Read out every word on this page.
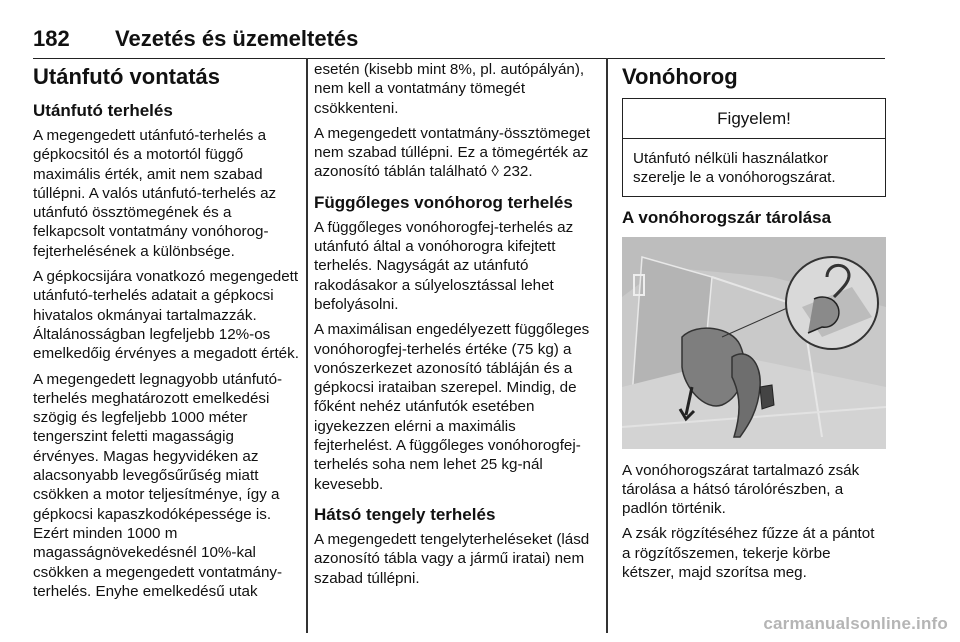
182 Vezetés és üzemeltetés
Utánfutó vontatás
Utánfutó terhelés

A megengedett utánfutó-terhelés a gépkocsitól és a motortól függő maximális érték, amit nem szabad túllépni. A valós utánfutó-terhelés az utánfutó össztömegének és a felkapcsolt vontatmány vonóhorog-fejterhelésének a különbsége.

A gépkocsijára vonatkozó megengedett utánfutó-terhelés adatait a gépkocsi hivatalos okmányai tartalmazzák. Általánosságban legfeljebb 12%-os emelkedőig érvényes a megadott érték.

A megengedett legnagyobb utánfutó-terhelés meghatározott emelkedési szögig és legfeljebb 1000 méter tengerszint feletti magasságig érvényes. Magas hegyvidéken az alacsonyabb levegősűrűség miatt csökken a motor teljesítménye, így a gépkocsi kapaszkodóképessége is. Ezért minden 1000 m magasságnövekedésnél 10%-kal csökken a megengedett vontatmány-terhelés. Enyhe emelkedésű utak

esetén (kisebb mint 8%, pl. autópályán), nem kell a vontatmány tömegét csökkenteni.

A megengedett vontatmány-össztömeget nem szabad túllépni. Ez a tömegérték az azonosító táblán található ◊ 232.

Függőleges vonóhorog terhelés

A függőleges vonóhorogfej-terhelés az utánfutó által a vonóhorogra kifejtett terhelés. Nagyságát az utánfutó rakodásakor a súlyelosztással lehet befolyásolni.

A maximálisan engedélyezett függőleges vonóhorogfej-terhelés értéke (75 kg) a vonószerkezet azonosító tábláján és a gépkocsi irataiban szerepel. Mindig, de főként nehéz utánfutók esetében igyekezzen elérni a maximális fejterhelést. A függőleges vonóhorogfej-terhelés soha nem lehet 25 kg-nál kevesebb.

Hátsó tengely terhelés

A megengedett tengelyterheléseket (lásd azonosító tábla vagy a jármű iratai) nem szabad túllépni.

Vonóhorog
Figyelem!
Utánfutó nélküli használatkor szerelje le a vonóhorogszárat.
A vonóhorogszár tárolása

A vonóhorogszárat tartalmazó zsák tárolása a hátsó tárolórészben, a padlón történik.

A zsák rögzítéséhez fűzze át a pántot a rögzítőszemen, tekerje körbe kétszer, majd szorítsa meg.

carmanualsonline.info
